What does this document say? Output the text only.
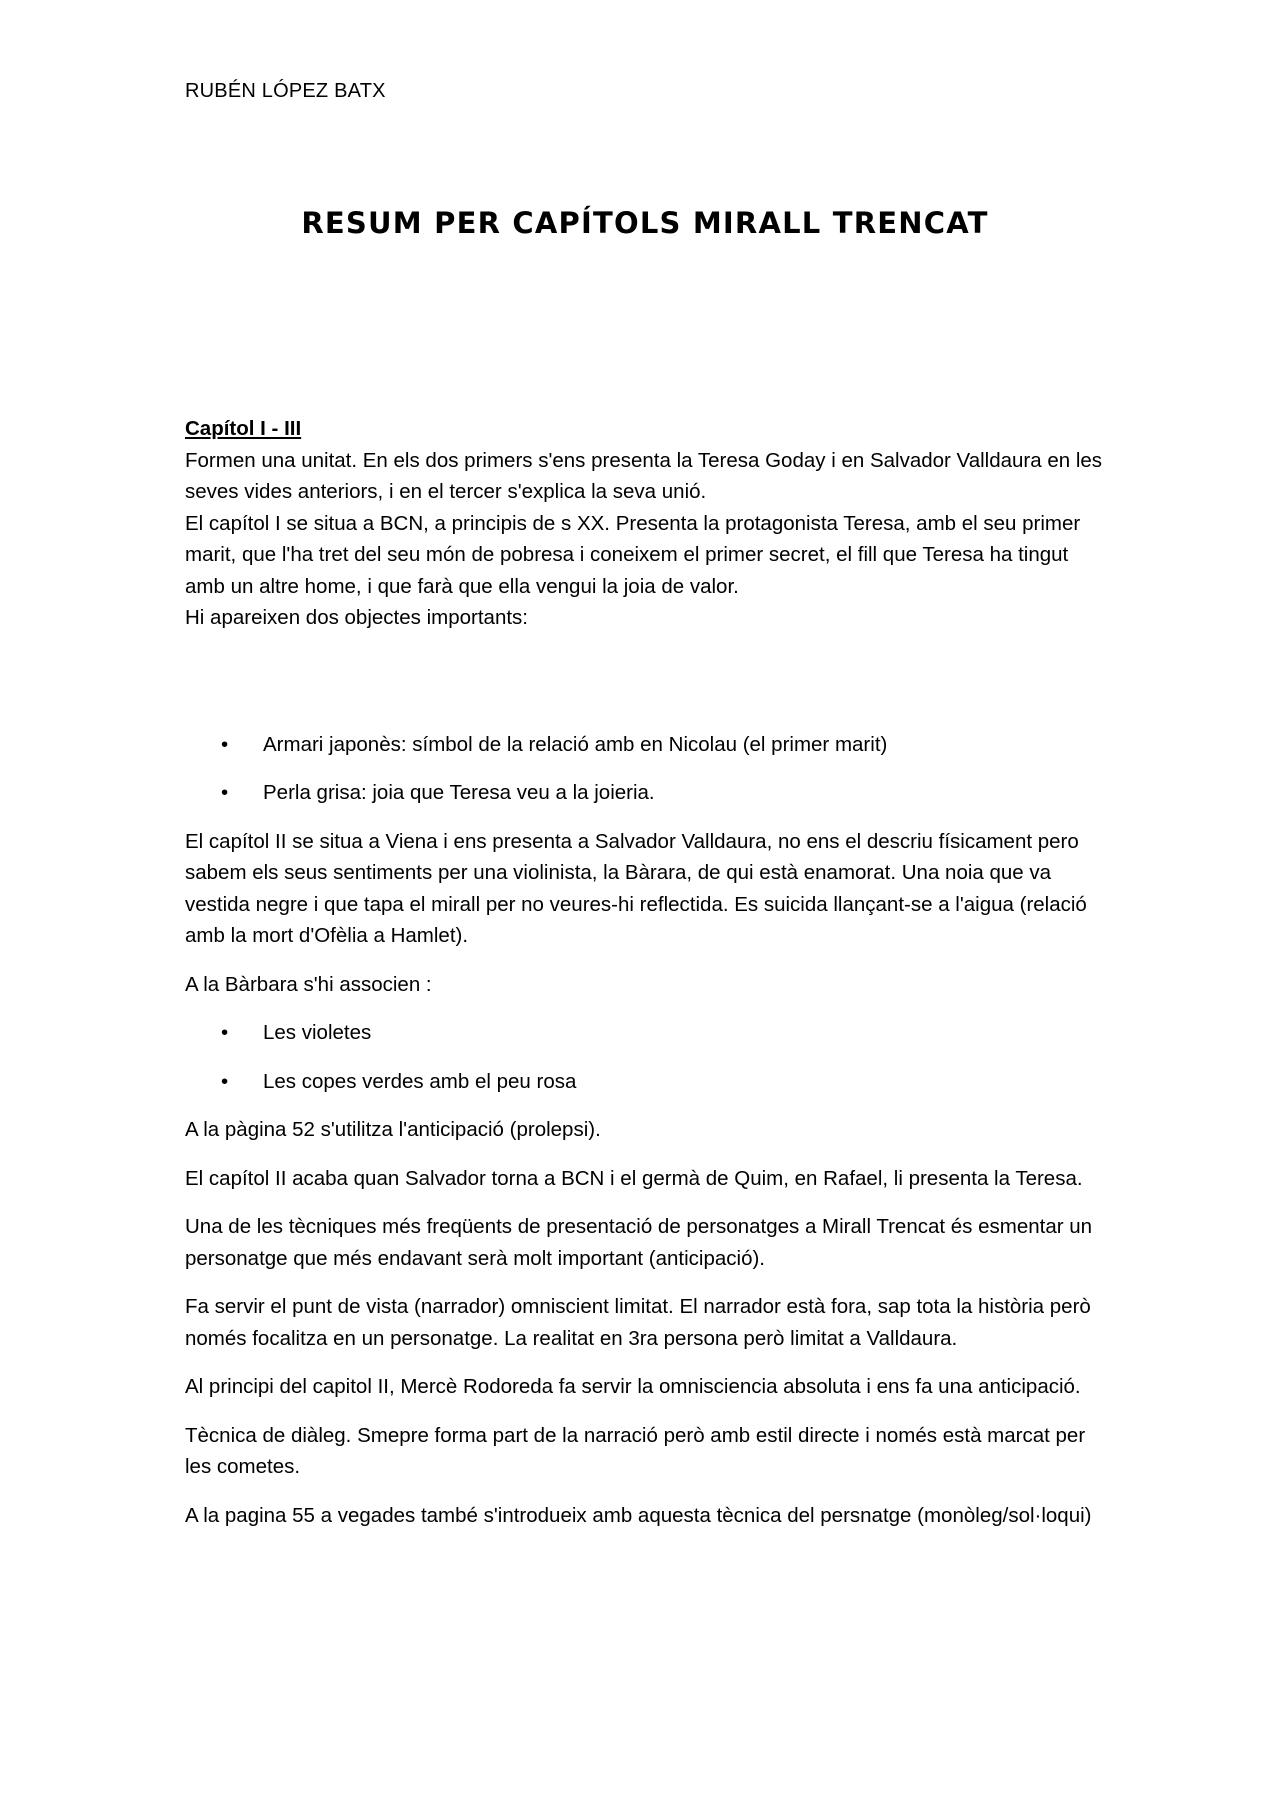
RUBÉN LÓPEZ BATX

RESUM PER CAPÍTOLS MIRALL TRENCAT

Capítol I - III

Formen una unitat. En els dos primers s'ens presenta la Teresa Goday i en Salvador Valldaura en les seves vides anteriors, i en el tercer s'explica la seva unió.

El capítol I se situa a BCN, a principis de s XX. Presenta la protagonista Teresa, amb el seu primer marit, que l'ha tret del seu món de pobresa i coneixem el primer secret, el fill que Teresa ha tingut amb un altre home, i que farà que ella vengui la joia de valor.

Hi apareixen dos objectes importants:

• Armari japonès: símbol de la relació amb en Nicolau (el primer marit)
• Perla grisa: joia que Teresa veu a la joieria.

El capítol II se situa a Viena i ens presenta a Salvador Valldaura, no ens el descriu físicament pero sabem els seus sentiments per una violinista, la Bàrara, de qui està enamorat. Una noia que va vestida negre i que tapa el mirall per no veures-hi reflectida. Es suicida llançant-se a l'aigua (relació amb la mort d'Ofèlia a Hamlet).

A la Bàrbara s'hi associen :

• Les violetes
• Les copes verdes amb el peu rosa

A la pàgina 52 s'utilitza l'anticipació (prolepsi).

El capítol II acaba quan Salvador torna a BCN i el germà de Quim, en Rafael, li presenta la Teresa.

Una de les tècniques més freqüents de presentació de personatges a Mirall Trencat és esmentar un personatge que més endavant serà molt important (anticipació).

Fa servir el punt de vista (narrador) omniscient limitat. El narrador està fora, sap tota la història però només focalitza en un personatge. La realitat en 3ra persona però limitat a Valldaura.

Al principi del capitol II, Mercè Rodoreda fa servir la omnisciencia absoluta i ens fa una anticipació.

Tècnica de diàleg. Smepre forma part de la narració però amb estil directe i només està marcat per les cometes.

A la pagina 55 a vegades també s'introdueix amb aquesta tècnica del persnatge (monòleg/sol·loqui)
